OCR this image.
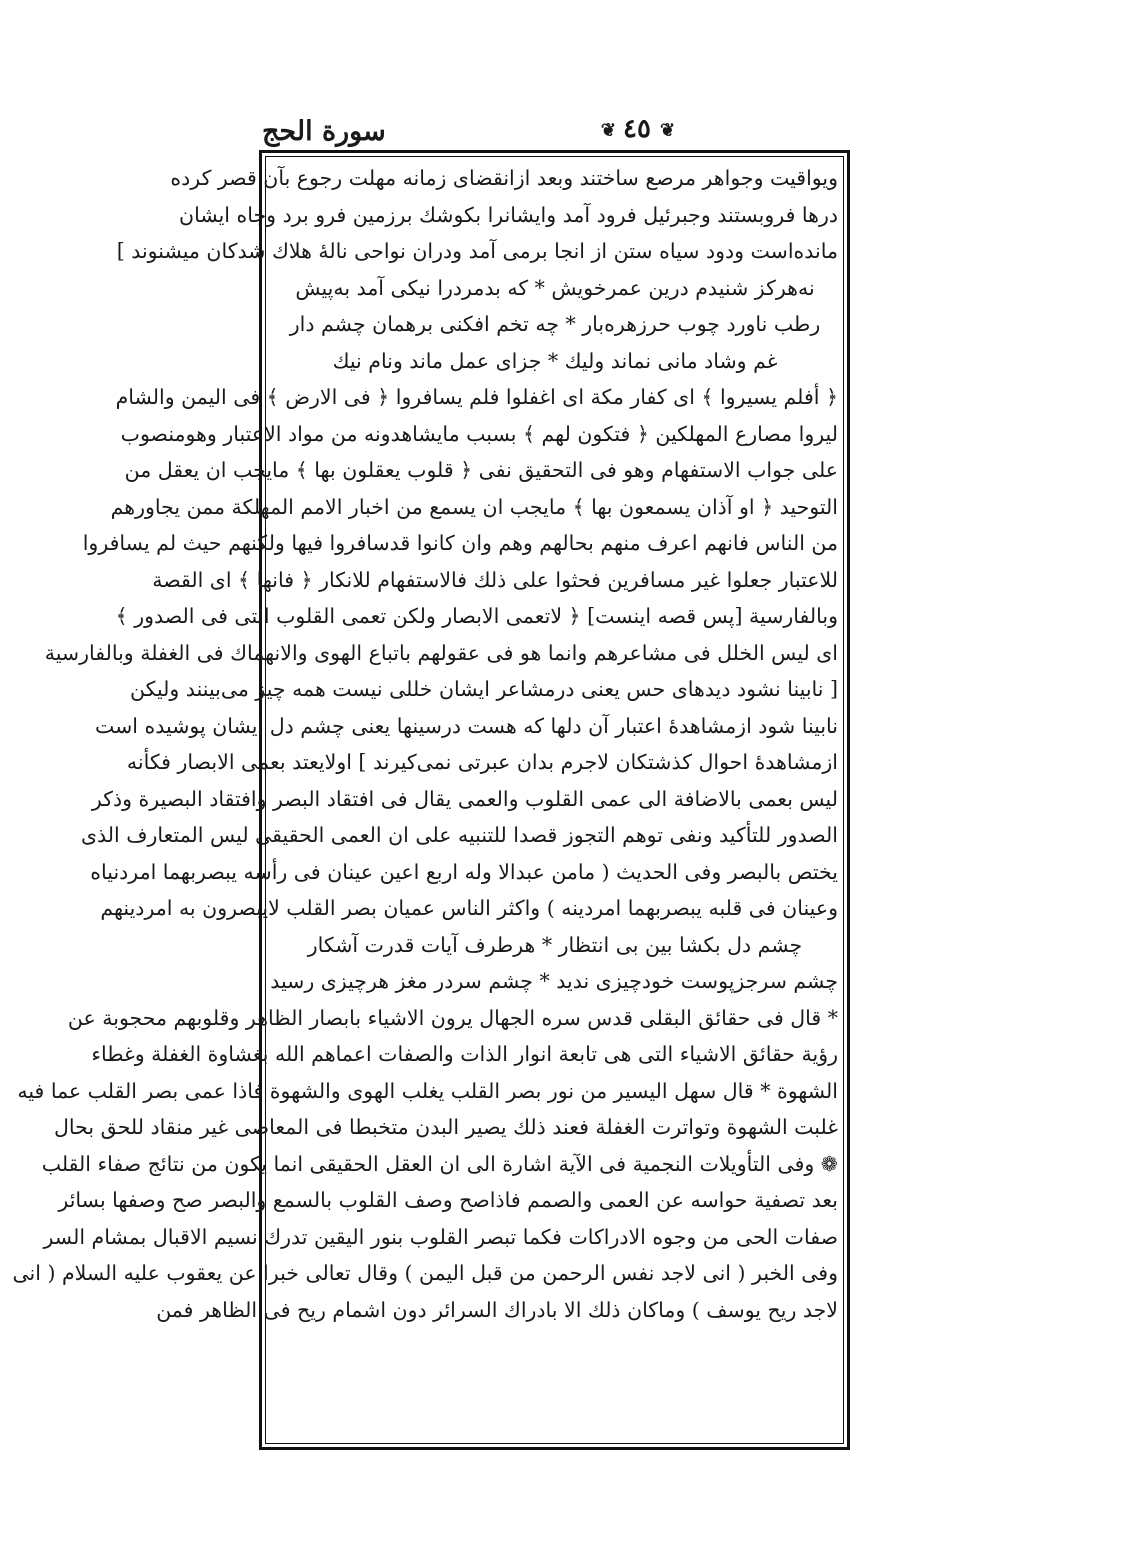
سورة الحج	❦ ٤٥ ❦
ويواقيت وجواهر مرصع ساختند وبعد ازانقضاى زمانه مهلت رجوع بآن قصر كرده
درها فروبستند وجبرئيل فرود آمد وايشانرا بكوشك برزمين فرو برد وجاه ايشان
مانده‌است ودود سياه ستن از انجا برمى آمد ودران نواحى نالهٔ هلاك شدكان ميشنوند ]
نه‌هركز شنيدم درين عمرخويش * كه بدمردرا نيكى آمد به‌پيش
رطب ناورد چوب حرزهره‌بار * چه تخم افكنى برهمان چشم دار
غم وشاد مانى نماند وليك * جزاى عمل ماند ونام نيك
﴿ أفلم يسيروا ﴾ اى كفار مكة اى اغفلوا فلم يسافروا ﴿ فى الارض ﴾ فى اليمن والشام
ليروا مصارع المهلكين ﴿ فتكون لهم ﴾ بسبب مايشاهدونه من مواد الاعتبار وهومنصوب
على جواب الاستفهام وهو فى التحقيق نفى ﴿ قلوب يعقلون بها ﴾ مايجب ان يعقل من
التوحيد ﴿ او آذان يسمعون بها ﴾ مايجب ان يسمع من اخبار الامم المهلكة ممن يجاورهم
من الناس فانهم اعرف منهم بحالهم وهم وان كانوا قدسافروا فيها ولكنهم حيث لم يسافروا
للاعتبار جعلوا غير مسافرين فحثوا على ذلك فالاستفهام للانكار ﴿ فانها ﴾ اى القصة
وبالفارسية [پس قصه اينست] ﴿ لاتعمى الابصار ولكن تعمى القلوب التى فى الصدور ﴾
اى ليس الخلل فى مشاعرهم وانما هو فى عقولهم باتباع الهوى والانهماك فى الغفلة وبالفارسية
[ نابينا نشود ديدهاى حس يعنى درمشاعر ايشان خللى نيست همه چيز مى‌بينند وليكن
نابينا شود ازمشاهدهٔ اعتبار آن دلها كه هست درسينها يعنى چشم دل ايشان پوشيده است
ازمشاهدهٔ احوال كذشتكان لاجرم بدان عبرتى نمى‌كيرند ] اولايعتد بعمى الابصار فكأنه
ليس بعمى بالاضافة الى عمى القلوب والعمى يقال فى افتقاد البصر وافتقاد البصيرة وذكر
الصدور للتأكيد ونفى توهم التجوز قصدا للتنبيه على ان العمى الحقيقى ليس المتعارف الذى
يختص بالبصر وفى الحديث ( مامن عبدالا وله اربع اعين عينان فى رأسه يبصربهما امردنياه
وعينان فى قلبه يبصربهما امردينه ) واكثر الناس عميان بصر القلب لايبصرون به امردينهم
چشم دل بكشا بين بى انتظار * هرطرف آيات قدرت آشكار
چشم سرجزپوست خودچيزى نديد * چشم سردر مغز هرچيزى رسيد
* قال فى حقائق البقلى قدس سره الجهال يرون الاشياء بابصار الظاهر وقلوبهم محجوبة عن
رؤية حقائق الاشياء التى هى تابعة انوار الذات والصفات اعماهم الله بغشاوة الغفلة وغطاء
الشهوة * قال سهل اليسير من نور بصر القلب يغلب الهوى والشهوة فاذا عمى بصر القلب عما فيه
غلبت الشهوة وتواترت الغفلة فعند ذلك يصير البدن متخبطا فى المعاصى غير منقاد للحق بحال
❁ وفى التأويلات النجمية فى الآية اشارة الى ان العقل الحقيقى انما يكون من نتائج صفاء القلب
بعد تصفية حواسه عن العمى والصمم فاذاصح وصف القلوب بالسمع والبصر صح وصفها بسائر
صفات الحى من وجوه الادراكات فكما تبصر القلوب بنور اليقين تدرك نسيم الاقبال بمشام السر
وفى الخبر ( انى لاجد نفس الرحمن من قبل اليمن ) وقال تعالى خبرا عن يعقوب عليه السلام ( انى
لاجد ريح يوسف ) وماكان ذلك الا بادراك السرائر دون اشمام ريح فى الظاهر فمن
